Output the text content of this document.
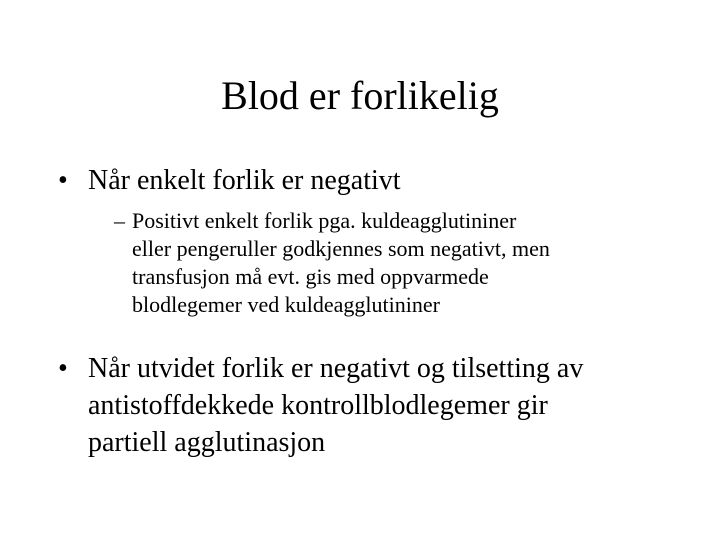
Blod er forlikelig
• Når enkelt forlik er negativt
– Positivt enkelt forlik pga. kuldeagglutininer
eller pengeruller godkjennes som negativt, men
transfusjon må evt. gis med oppvarmede
blodlegemer ved kuldeagglutininer
• Når utvidet forlik er negativt og tilsetting av
antistoffdekkede kontrollblodlegemer gir
partiell agglutinasjon
